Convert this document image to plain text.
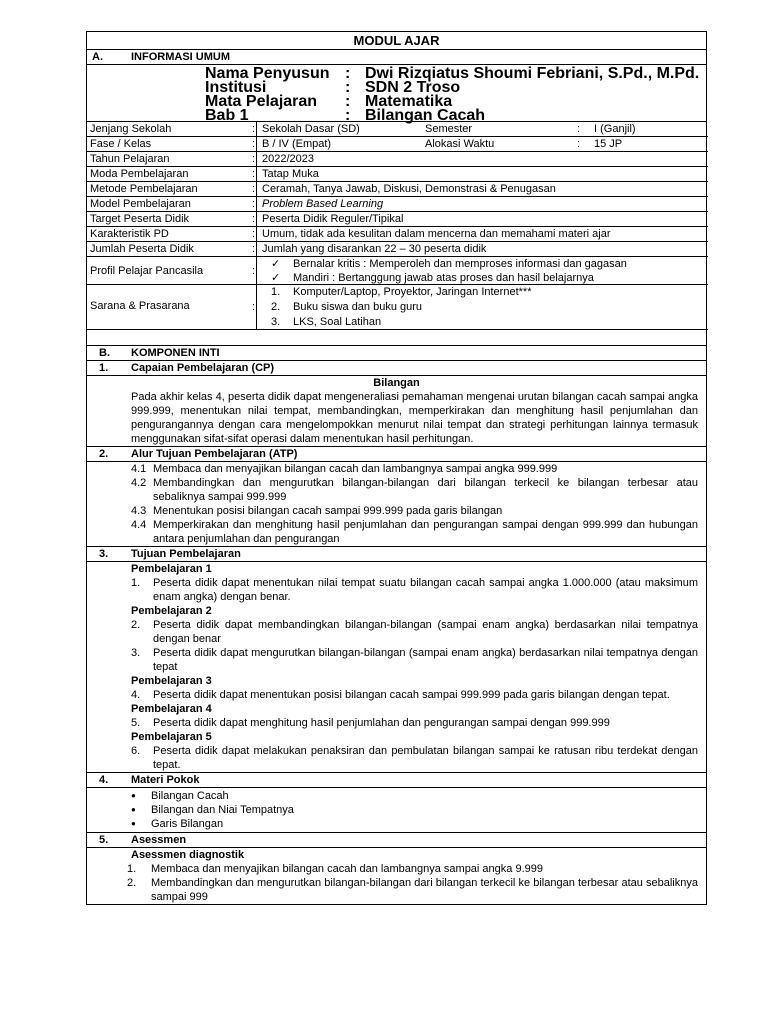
MODUL AJAR
A.	INFORMASI UMUM
Nama Penyusun : Dwi Rizqiatus Shoumi Febriani, S.Pd., M.Pd.
Institusi	: SDN 2 Troso
Mata Pelajaran : Matematika
Bab 1	: Bilangan Cacah
Jenjang Sekolah	: Sekolah Dasar (SD)	Semester	: I (Ganjil)
Fase / Kelas	: B / IV (Empat)	Alokasi Waktu	: 15 JP
Tahun Pelajaran	: 2022/2023
Moda Pembelajaran	: Tatap Muka
Metode Pembelajaran	: Ceramah, Tanya Jawab, Diskusi, Demonstrasi & Penugasan
Model Pembelajaran	: Problem Based Learning
Target Peserta Didik	: Peserta Didik Reguler/Tipikal
Karakteristik PD	: Umum, tidak ada kesulitan dalam mencerna dan memahami materi ajar
Jumlah Peserta Didik	: Jumlah yang disarankan 22 – 30 peserta didik
Profil Pelajar Pancasila	:
✓ Bernalar kritis : Memperoleh dan memproses informasi dan gagasan
✓ Mandiri : Bertanggung jawab atas proses dan hasil belajarnya
Sarana & Prasarana	:
1. Komputer/Laptop, Proyektor, Jaringan Internet***
2. Buku siswa dan buku guru
3. LKS, Soal Latihan
B. KOMPONEN INTI
1. Capaian Pembelajaran (CP)
Bilangan
Pada akhir kelas 4, peserta didik dapat mengeneraliasi pemahaman mengenai urutan bilangan cacah sampai angka 999.999, menentukan nilai tempat, membandingkan, memperkirakan dan menghitung hasil penjumlahan dan pengurangannya dengan cara mengelompokkan menurut nilai tempat dan strategi perhitungan lainnya termasuk menggunakan sifat-sifat operasi dalam menentukan hasil perhitungan.
2. Alur Tujuan Pembelajaran (ATP)
4.1 Membaca dan menyajikan bilangan cacah dan lambangnya sampai angka 999.999
4.2 Membandingkan dan mengurutkan bilangan-bilangan dari bilangan terkecil ke bilangan terbesar atau sebaliknya sampai 999.999
4.3 Menentukan posisi bilangan cacah sampai 999.999 pada garis bilangan
4.4 Memperkirakan dan menghitung hasil penjumlahan dan pengurangan sampai dengan 999.999 dan hubungan antara penjumlahan dan pengurangan
3. Tujuan Pembelajaran
Pembelajaran 1
1. Peserta didik dapat menentukan nilai tempat suatu bilangan cacah sampai angka 1.000.000 (atau maksimum enam angka) dengan benar.
Pembelajaran 2
2. Peserta didik dapat membandingkan bilangan-bilangan (sampai enam angka) berdasarkan nilai tempatnya dengan benar
3. Peserta didik dapat mengurutkan bilangan-bilangan (sampai enam angka) berdasarkan nilai tempatnya dengan tepat
Pembelajaran 3
4. Peserta didik dapat menentukan posisi bilangan cacah sampai 999.999 pada garis bilangan dengan tepat.
Pembelajaran 4
5. Peserta didik dapat menghitung hasil penjumlahan dan pengurangan sampai dengan 999.999
Pembelajaran 5
6. Peserta didik dapat melakukan penaksiran dan pembulatan bilangan sampai ke ratusan ribu terdekat dengan tepat.
4. Materi Pokok
● Bilangan Cacah
● Bilangan dan Niai Tempatnya
● Garis Bilangan
5. Asessmen
Asessmen diagnostik
1. Membaca dan menyajikan bilangan cacah dan lambangnya sampai angka 9.999
2. Membandingkan dan mengurutkan bilangan-bilangan dari bilangan terkecil ke bilangan terbesar atau sebaliknya sampai 999
